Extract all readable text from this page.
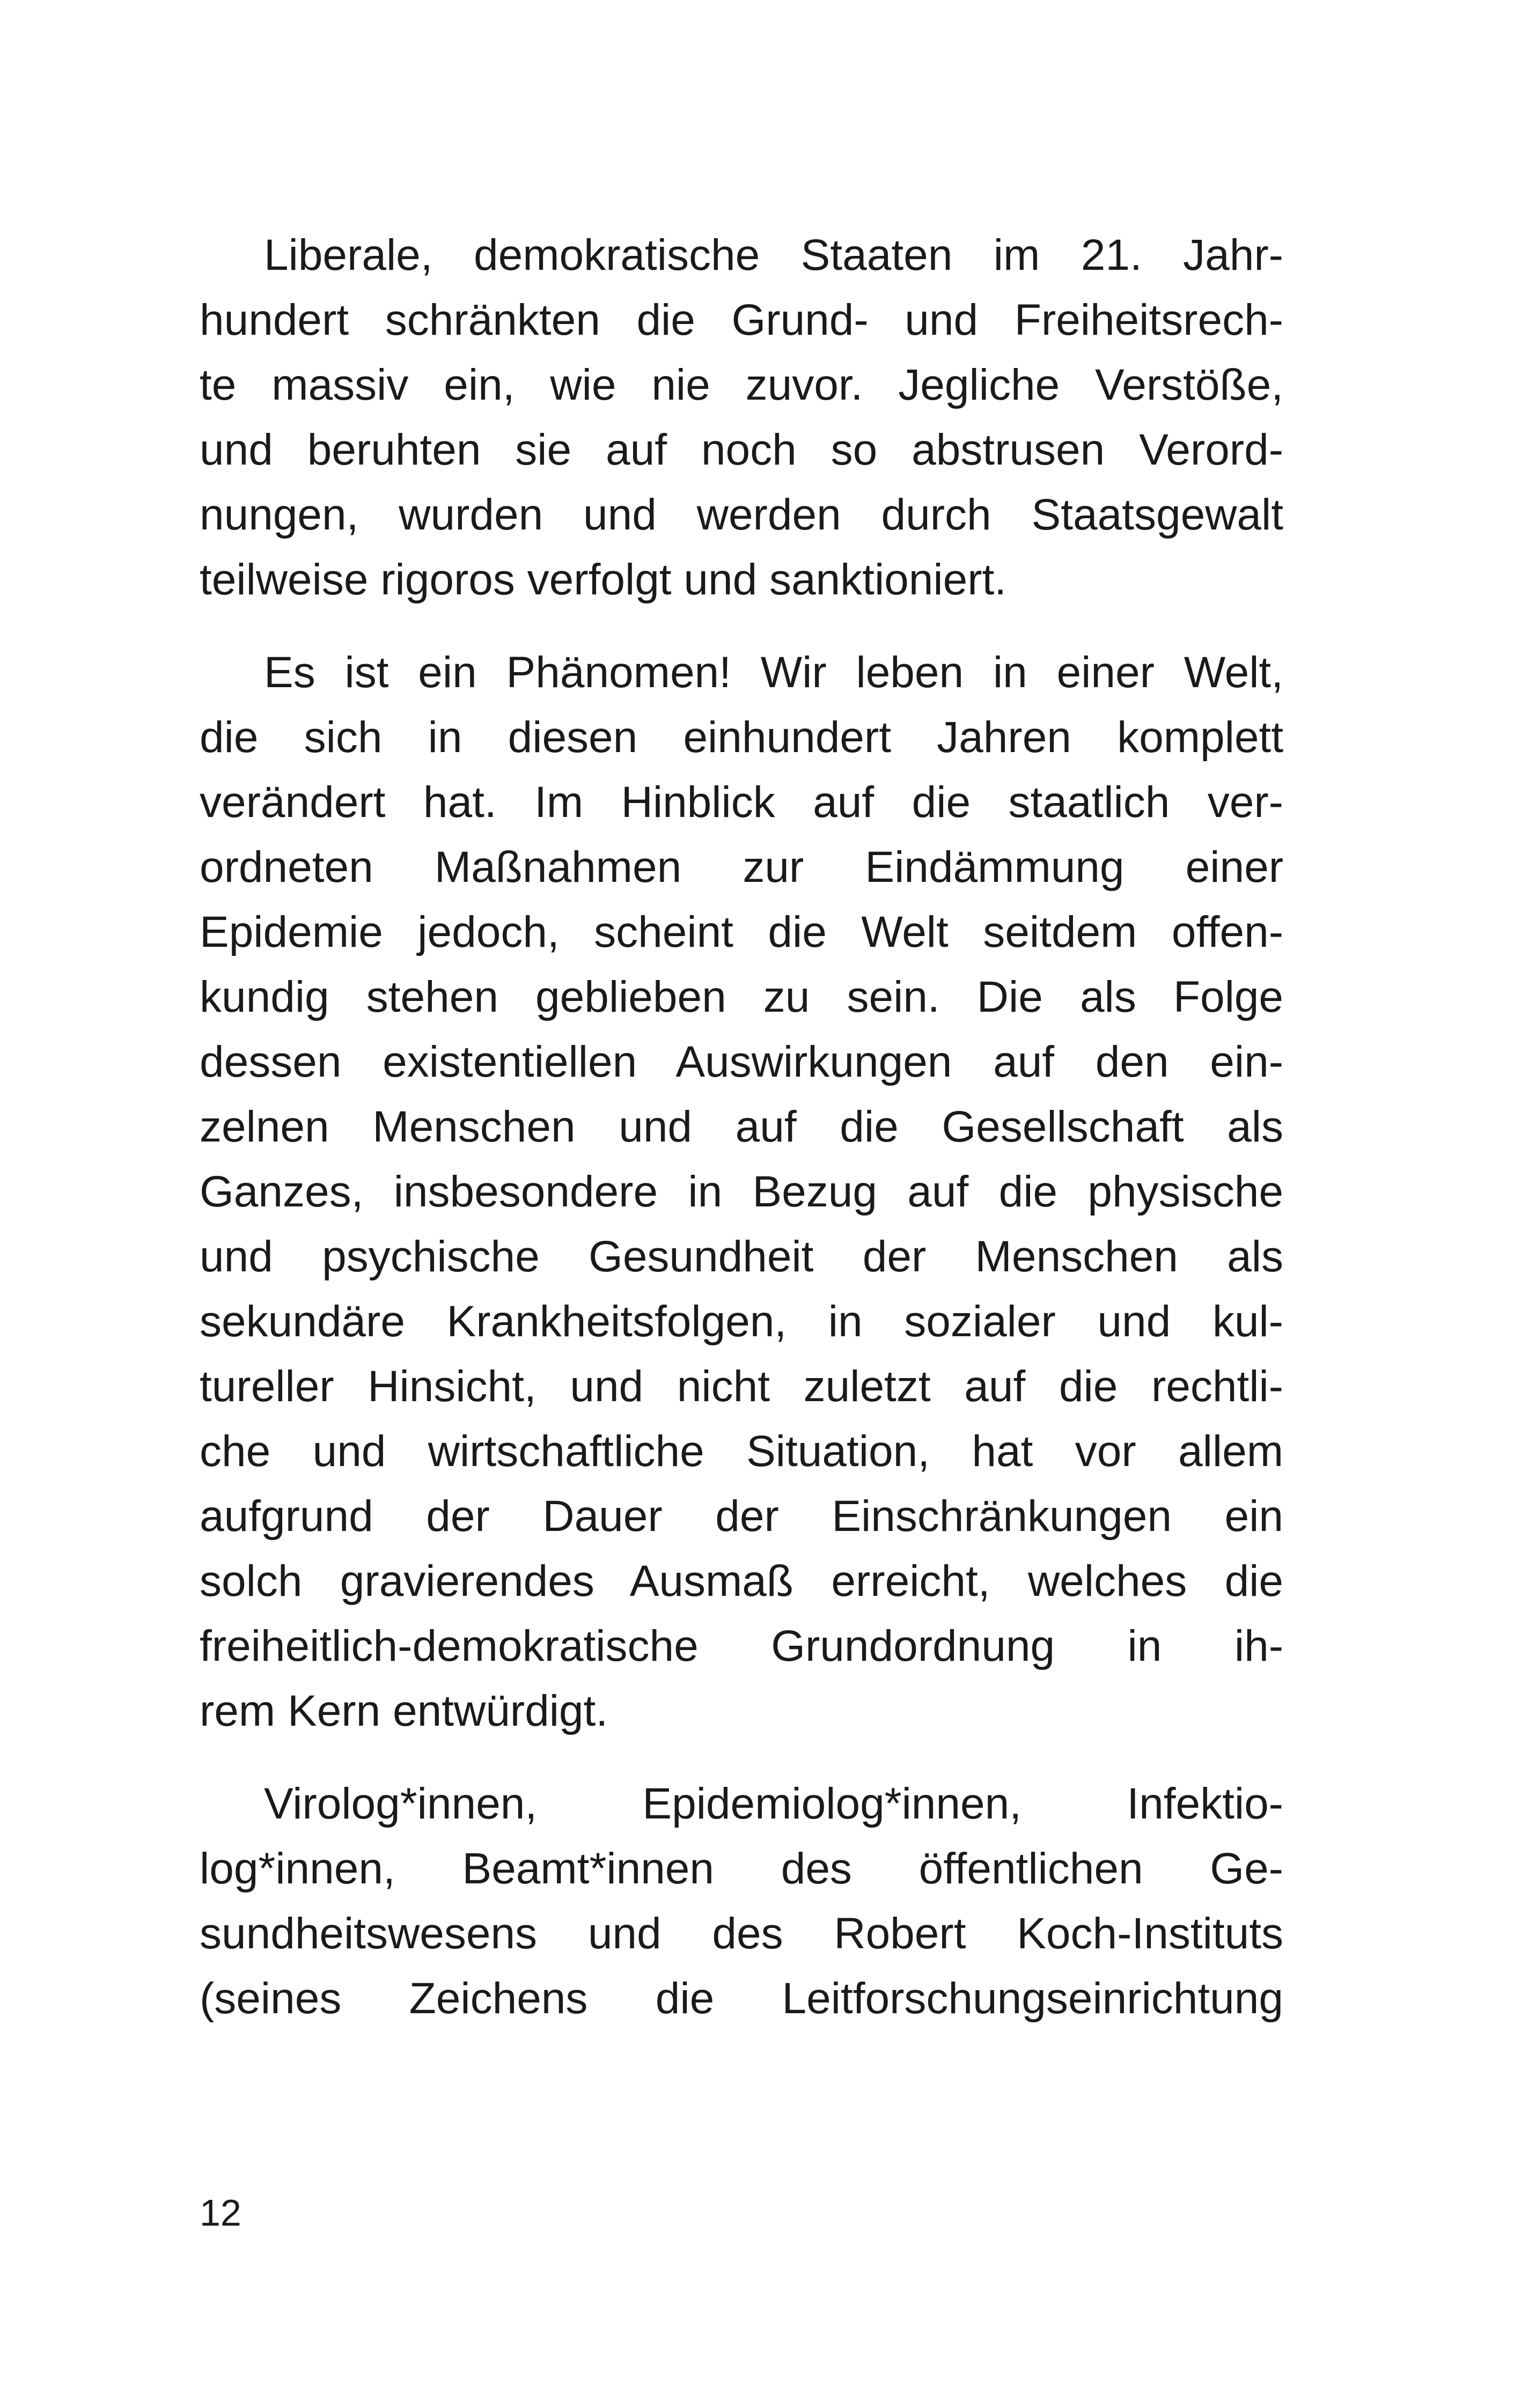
Liberale, demokratische Staaten im 21. Jahr-
hundert schränkten die Grund- und Freiheitsrech-
te massiv ein, wie nie zuvor. Jegliche Verstöße,
und beruhten sie auf noch so abstrusen Verord-
nungen, wurden und werden durch Staatsgewalt
teilweise rigoros verfolgt und sanktioniert.
Es ist ein Phänomen! Wir leben in einer Welt,
die sich in diesen einhundert Jahren komplett
verändert hat. Im Hinblick auf die staatlich ver-
ordneten Maßnahmen zur Eindämmung einer
Epidemie jedoch, scheint die Welt seitdem offen-
kundig stehen geblieben zu sein. Die als Folge
dessen existentiellen Auswirkungen auf den ein-
zelnen Menschen und auf die Gesellschaft als
Ganzes, insbesondere in Bezug auf die physische
und psychische Gesundheit der Menschen als
sekundäre Krankheitsfolgen, in sozialer und kul-
tureller Hinsicht, und nicht zuletzt auf die rechtli-
che und wirtschaftliche Situation, hat vor allem
aufgrund der Dauer der Einschränkungen ein
solch gravierendes Ausmaß erreicht, welches die
freiheitlich-demokratische Grundordnung in ih-
rem Kern entwürdigt.
Virolog*innen, Epidemiolog*innen, Infektio-
log*innen, Beamt*innen des öffentlichen Ge-
sundheitswesens und des Robert Koch-Instituts
(seines Zeichens die Leitforschungseinrichtung
12
